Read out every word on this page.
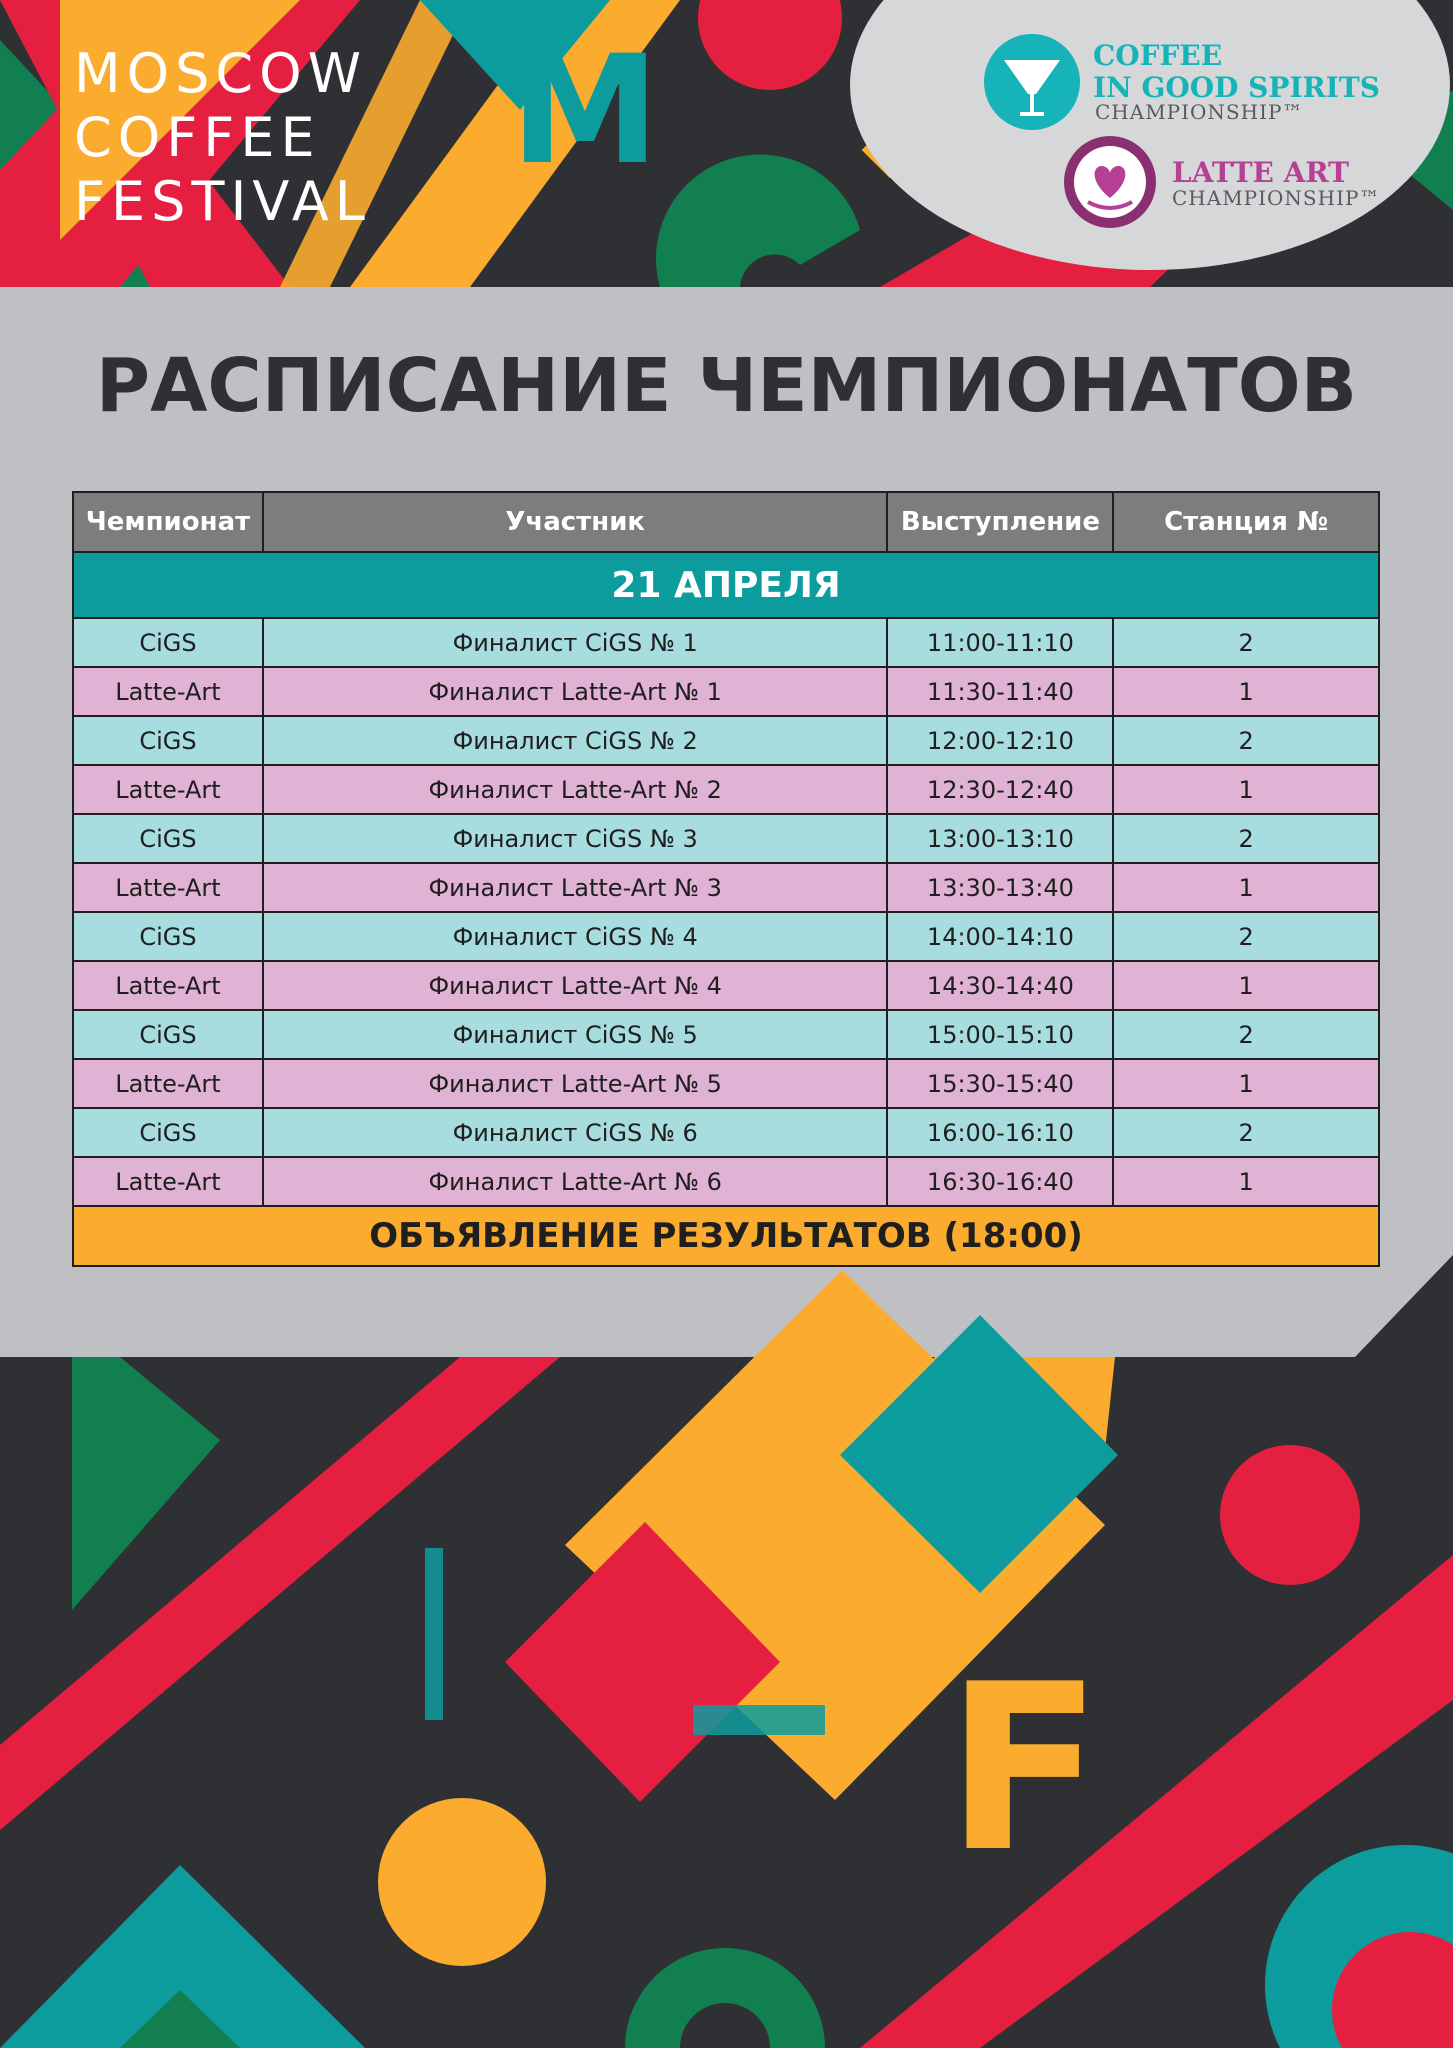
M
F
MOSCOW
COFFEE
FESTIVAL
COFFEE
IN GOOD SPIRITS
CHAMPIONSHIP™
LATTE ART
CHAMPIONSHIP™
РАСПИСАНИЕ ЧЕМПИОНАТОВ
Чемпионат	Участник	Выступление	Станция №
21 АПРЕЛЯ			
CiGS	Финалист CiGS № 1	11:00-11:10	2
Latte-Art	Финалист Latte-Art № 1	11:30-11:40	1
CiGS	Финалист CiGS № 2	12:00-12:10	2
Latte-Art	Финалист Latte-Art № 2	12:30-12:40	1
CiGS	Финалист CiGS № 3	13:00-13:10	2
Latte-Art	Финалист Latte-Art № 3	13:30-13:40	1
CiGS	Финалист CiGS № 4	14:00-14:10	2
Latte-Art	Финалист Latte-Art № 4	14:30-14:40	1
CiGS	Финалист CiGS № 5	15:00-15:10	2
Latte-Art	Финалист Latte-Art № 5	15:30-15:40	1
CiGS	Финалист CiGS № 6	16:00-16:10	2
Latte-Art	Финалист Latte-Art № 6	16:30-16:40	1
ОБЪЯВЛЕНИЕ РЕЗУЛЬТАТОВ (18:00)			
